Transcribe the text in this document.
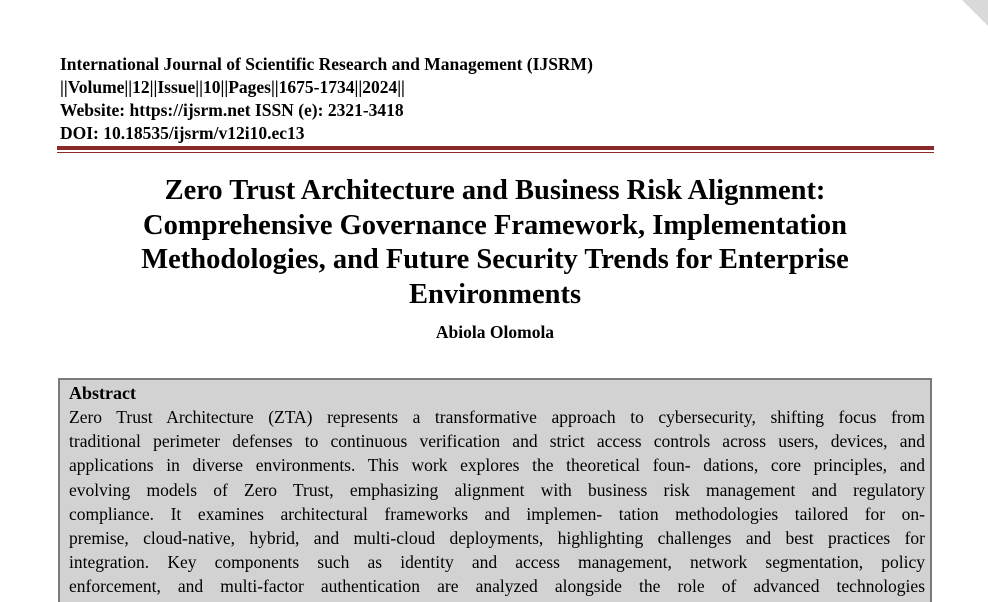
International Journal of Scientific Research and Management (IJSRM)
||Volume||12||Issue||10||Pages||1675-1734||2024||
Website: https://ijsrm.net ISSN (e): 2321-3418
DOI: 10.18535/ijsrm/v12i10.ec13
Zero Trust Architecture and Business Risk Alignment:
Comprehensive Governance Framework, Implementation
Methodologies, and Future Security Trends for Enterprise
Environments
Abiola Olomola
Abstract
Zero Trust Architecture (ZTA) represents a transformative approach to cybersecurity, shifting focus from
traditional perimeter defenses to continuous verification and strict access controls across users, devices, and
applications in diverse environments. This work explores the theoretical foun- dations, core principles, and
evolving models of Zero Trust, emphasizing alignment with business risk management and regulatory
compliance. It examines architectural frameworks and implemen- tation methodologies tailored for on-
premise, cloud-native, hybrid, and multi-cloud deployments, highlighting challenges and best practices for
integration. Key components such as identity and access management, network segmentation, policy
enforcement, and multi-factor authentication are analyzed alongside the role of advanced technologies
